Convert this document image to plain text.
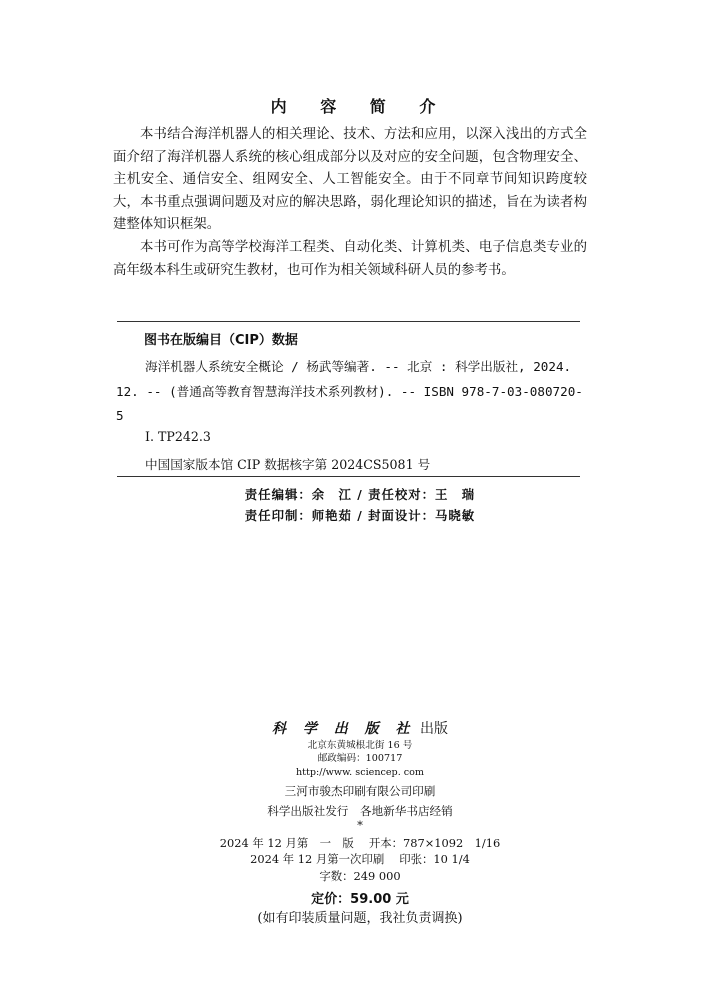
内 容 简 介

本书结合海洋机器人的相关理论、技术、方法和应用，以深入浅出的方式全面介绍了海洋机器人系统的核心组成部分以及对应的安全问题，包含物理安全、主机安全、通信安全、组网安全、人工智能安全。由于不同章节间知识跨度较大，本书重点强调问题及对应的解决思路，弱化理论知识的描述，旨在为读者构建整体知识框架。

本书可作为高等学校海洋工程类、自动化类、计算机类、电子信息类专业的高年级本科生或研究生教材，也可作为相关领域科研人员的参考书。

图书在版编目（CIP）数据

海洋机器人系统安全概论 / 杨武等编著. -- 北京 : 科学出版社, 2024. 12. -- (普通高等教育智慧海洋技术系列教材). -- ISBN 978-7-03-080720-5

Ⅰ. TP242.3
中国国家版本馆 CIP 数据核字第 2024CS5081 号
责任编辑：余　江 / 责任校对：王　瑞
责任印制：师艳茹 / 封面设计：马晓敏
科 学 出 版 社 出版
北京东黄城根北街 16 号
邮政编码：100717
http://www. sciencep. com
三河市骏杰印刷有限公司印刷
科学出版社发行　各地新华书店经销
*
2024 年 12 月第　一　版　 开本：787×1092　1/16
2024 年 12 月第一次印刷　 印张：10 1/4
字数：249 000
定价：59.00 元
(如有印装质量问题，我社负责调换)
